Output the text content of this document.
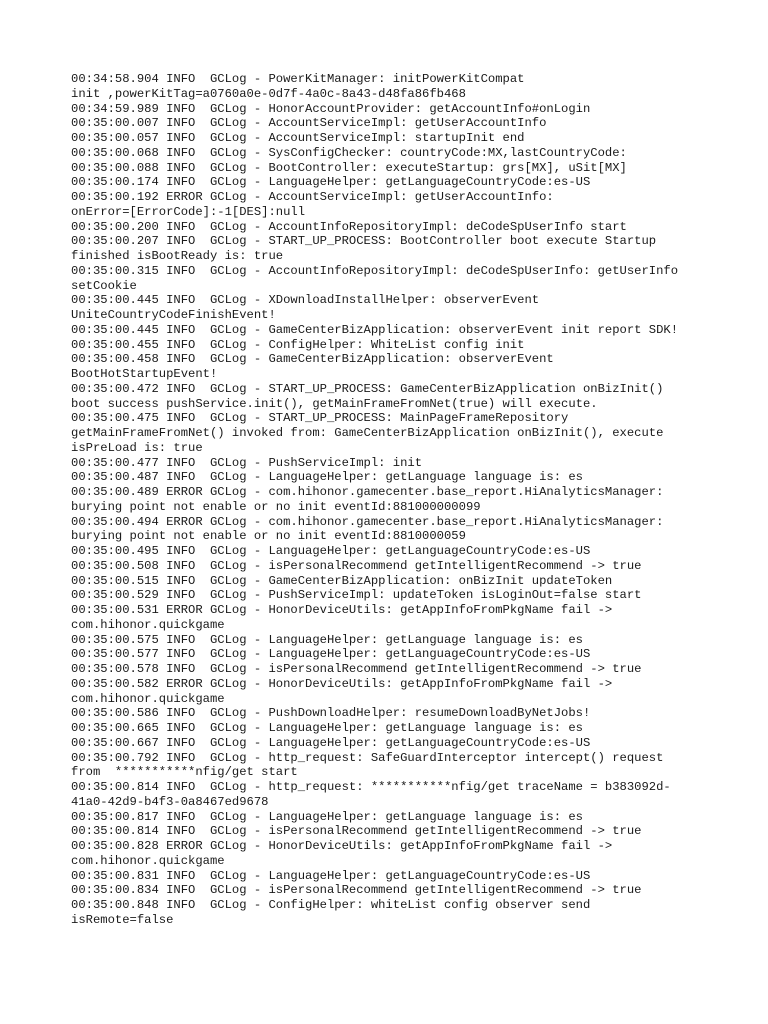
00:34:58.904 INFO  GCLog - PowerKitManager: initPowerKitCompat
init ,powerKitTag=a0760a0e-0d7f-4a0c-8a43-d48fa86fb468
00:34:59.989 INFO  GCLog - HonorAccountProvider: getAccountInfo#onLogin
00:35:00.007 INFO  GCLog - AccountServiceImpl: getUserAccountInfo
00:35:00.057 INFO  GCLog - AccountServiceImpl: startupInit end
00:35:00.068 INFO  GCLog - SysConfigChecker: countryCode:MX,lastCountryCode:
00:35:00.088 INFO  GCLog - BootController: executeStartup: grs[MX], uSit[MX]
00:35:00.174 INFO  GCLog - LanguageHelper: getLanguageCountryCode:es-US
00:35:00.192 ERROR GCLog - AccountServiceImpl: getUserAccountInfo:
onError=[ErrorCode]:-1[DES]:null
00:35:00.200 INFO  GCLog - AccountInfoRepositoryImpl: deCodeSpUserInfo start
00:35:00.207 INFO  GCLog - START_UP_PROCESS: BootController boot execute Startup
finished isBootReady is: true
00:35:00.315 INFO  GCLog - AccountInfoRepositoryImpl: deCodeSpUserInfo: getUserInfo
setCookie
00:35:00.445 INFO  GCLog - XDownloadInstallHelper: observerEvent
UniteCountryCodeFinishEvent!
00:35:00.445 INFO  GCLog - GameCenterBizApplication: observerEvent init report SDK!
00:35:00.455 INFO  GCLog - ConfigHelper: WhiteList config init
00:35:00.458 INFO  GCLog - GameCenterBizApplication: observerEvent
BootHotStartupEvent!
00:35:00.472 INFO  GCLog - START_UP_PROCESS: GameCenterBizApplication onBizInit()
boot success pushService.init(), getMainFrameFromNet(true) will execute.
00:35:00.475 INFO  GCLog - START_UP_PROCESS: MainPageFrameRepository
getMainFrameFromNet() invoked from: GameCenterBizApplication onBizInit(), execute
isPreLoad is: true
00:35:00.477 INFO  GCLog - PushServiceImpl: init
00:35:00.487 INFO  GCLog - LanguageHelper: getLanguage language is: es
00:35:00.489 ERROR GCLog - com.hihonor.gamecenter.base_report.HiAnalyticsManager:
burying point not enable or no init eventId:881000000099
00:35:00.494 ERROR GCLog - com.hihonor.gamecenter.base_report.HiAnalyticsManager:
burying point not enable or no init eventId:8810000059
00:35:00.495 INFO  GCLog - LanguageHelper: getLanguageCountryCode:es-US
00:35:00.508 INFO  GCLog - isPersonalRecommend getIntelligentRecommend -> true
00:35:00.515 INFO  GCLog - GameCenterBizApplication: onBizInit updateToken
00:35:00.529 INFO  GCLog - PushServiceImpl: updateToken isLoginOut=false start
00:35:00.531 ERROR GCLog - HonorDeviceUtils: getAppInfoFromPkgName fail ->
com.hihonor.quickgame
00:35:00.575 INFO  GCLog - LanguageHelper: getLanguage language is: es
00:35:00.577 INFO  GCLog - LanguageHelper: getLanguageCountryCode:es-US
00:35:00.578 INFO  GCLog - isPersonalRecommend getIntelligentRecommend -> true
00:35:00.582 ERROR GCLog - HonorDeviceUtils: getAppInfoFromPkgName fail ->
com.hihonor.quickgame
00:35:00.586 INFO  GCLog - PushDownloadHelper: resumeDownloadByNetJobs!
00:35:00.665 INFO  GCLog - LanguageHelper: getLanguage language is: es
00:35:00.667 INFO  GCLog - LanguageHelper: getLanguageCountryCode:es-US
00:35:00.792 INFO  GCLog - http_request: SafeGuardInterceptor intercept() request
from  ***********nfig/get start
00:35:00.814 INFO  GCLog - http_request: ***********nfig/get traceName = b383092d-
41a0-42d9-b4f3-0a8467ed9678
00:35:00.817 INFO  GCLog - LanguageHelper: getLanguage language is: es
00:35:00.814 INFO  GCLog - isPersonalRecommend getIntelligentRecommend -> true
00:35:00.828 ERROR GCLog - HonorDeviceUtils: getAppInfoFromPkgName fail ->
com.hihonor.quickgame
00:35:00.831 INFO  GCLog - LanguageHelper: getLanguageCountryCode:es-US
00:35:00.834 INFO  GCLog - isPersonalRecommend getIntelligentRecommend -> true
00:35:00.848 INFO  GCLog - ConfigHelper: whiteList config observer send
isRemote=false
